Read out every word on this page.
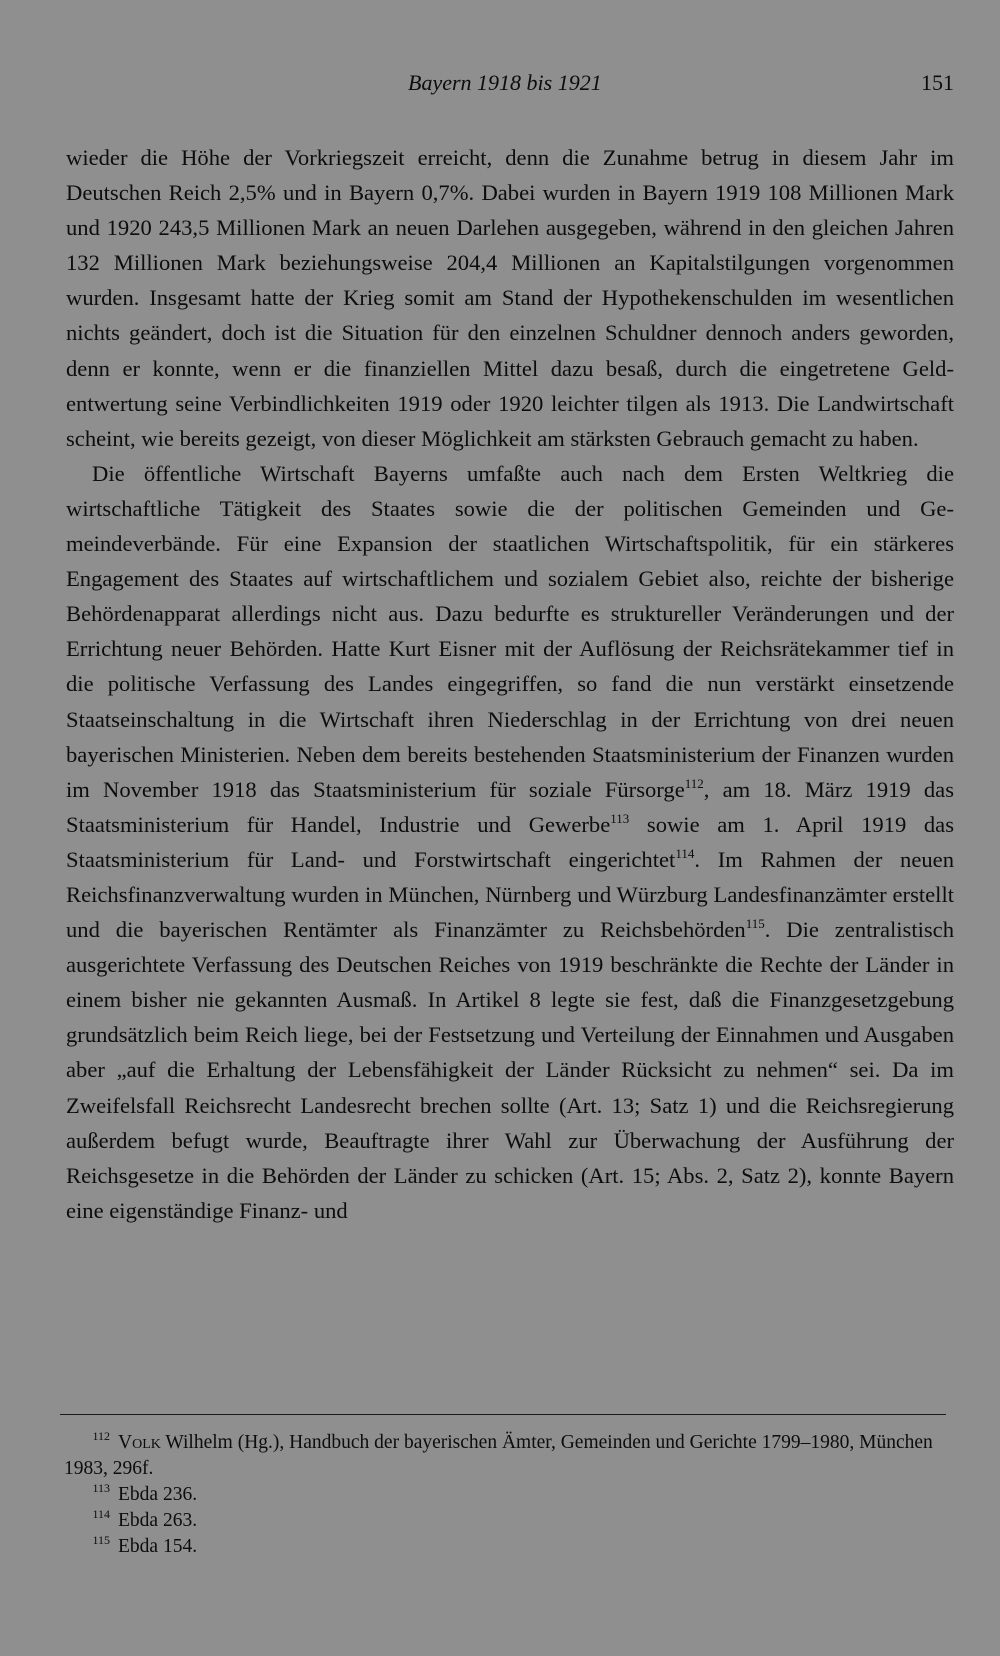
Bayern 1918 bis 1921	151

wieder die Höhe der Vorkriegszeit erreicht, denn die Zunahme betrug in diesem Jahr im Deutschen Reich 2,5% und in Bayern 0,7%. Dabei wurden in Bayern 1919 108 Millionen Mark und 1920 243,5 Millionen Mark an neuen Darlehen ausgegeben, während in den gleichen Jahren 132 Millionen Mark beziehungsweise 204,4 Millionen an Kapitalstilgungen vorgenommen wurden. Insgesamt hatte der Krieg somit am Stand der Hypothekenschulden im wesentlichen nichts geändert, doch ist die Situation für den einzelnen Schuldner dennoch anders geworden, denn er konnte, wenn er die finanziellen Mittel dazu besaß, durch die eingetretene Geldentwertung seine Verbindlichkeiten 1919 oder 1920 leichter tilgen als 1913. Die Landwirtschaft scheint, wie bereits gezeigt, von dieser Möglichkeit am stärksten Gebrauch gemacht zu haben.

Die öffentliche Wirtschaft Bayerns umfaßte auch nach dem Ersten Weltkrieg die wirtschaftliche Tätigkeit des Staates sowie die der politischen Gemeinden und Gemeindeverbände. Für eine Expansion der staatlichen Wirtschaftspolitik, für ein stärkeres Engagement des Staates auf wirtschaftlichem und sozialem Gebiet also, reichte der bisherige Behördenapparat allerdings nicht aus. Dazu bedurfte es struktureller Veränderungen und der Errichtung neuer Behörden. Hatte Kurt Eisner mit der Auflösung der Reichsrätekammer tief in die politische Verfassung des Landes eingegriffen, so fand die nun verstärkt einsetzende Staatseinschaltung in die Wirtschaft ihren Niederschlag in der Errichtung von drei neuen bayerischen Ministerien. Neben dem bereits bestehenden Staatsministerium der Finanzen wurden im November 1918 das Staatsministerium für soziale Fürsorge$^{112}$, am 18. März 1919 das Staatsministerium für Handel, Industrie und Gewerbe$^{113}$ sowie am 1. April 1919 das Staatsministerium für Land- und Forstwirtschaft eingerichtet$^{114}$. Im Rahmen der neuen Reichsfinanzverwaltung wurden in München, Nürnberg und Würzburg Landesfinanzämter erstellt und die bayerischen Rentämter als Finanzämter zu Reichsbehörden$^{115}$. Die zentralistisch ausgerichtete Verfassung des Deutschen Reiches von 1919 beschränkte die Rechte der Länder in einem bisher nie gekannten Ausmaß. In Artikel 8 legte sie fest, daß die Finanzgesetzgebung grundsätzlich beim Reich liege, bei der Festsetzung und Verteilung der Einnahmen und Ausgaben aber „auf die Erhaltung der Lebensfähigkeit der Länder Rücksicht zu nehmen“ sei. Da im Zweifelsfall Reichsrecht Landesrecht brechen sollte (Art. 13; Satz 1) und die Reichsregierung außerdem befugt wurde, Beauftragte ihrer Wahl zur Überwachung der Ausführung der Reichsgesetze in die Behörden der Länder zu schicken (Art. 15; Abs. 2, Satz 2), konnte Bayern eine eigenständige Finanz- und

$^{112}$ Volk Wilhelm (Hg.), Handbuch der bayerischen Ämter, Gemeinden und Gerichte 1799–1980, München 1983, 296f.

$^{113}$ Ebda 236.

$^{114}$ Ebda 263.

$^{115}$ Ebda 154.
